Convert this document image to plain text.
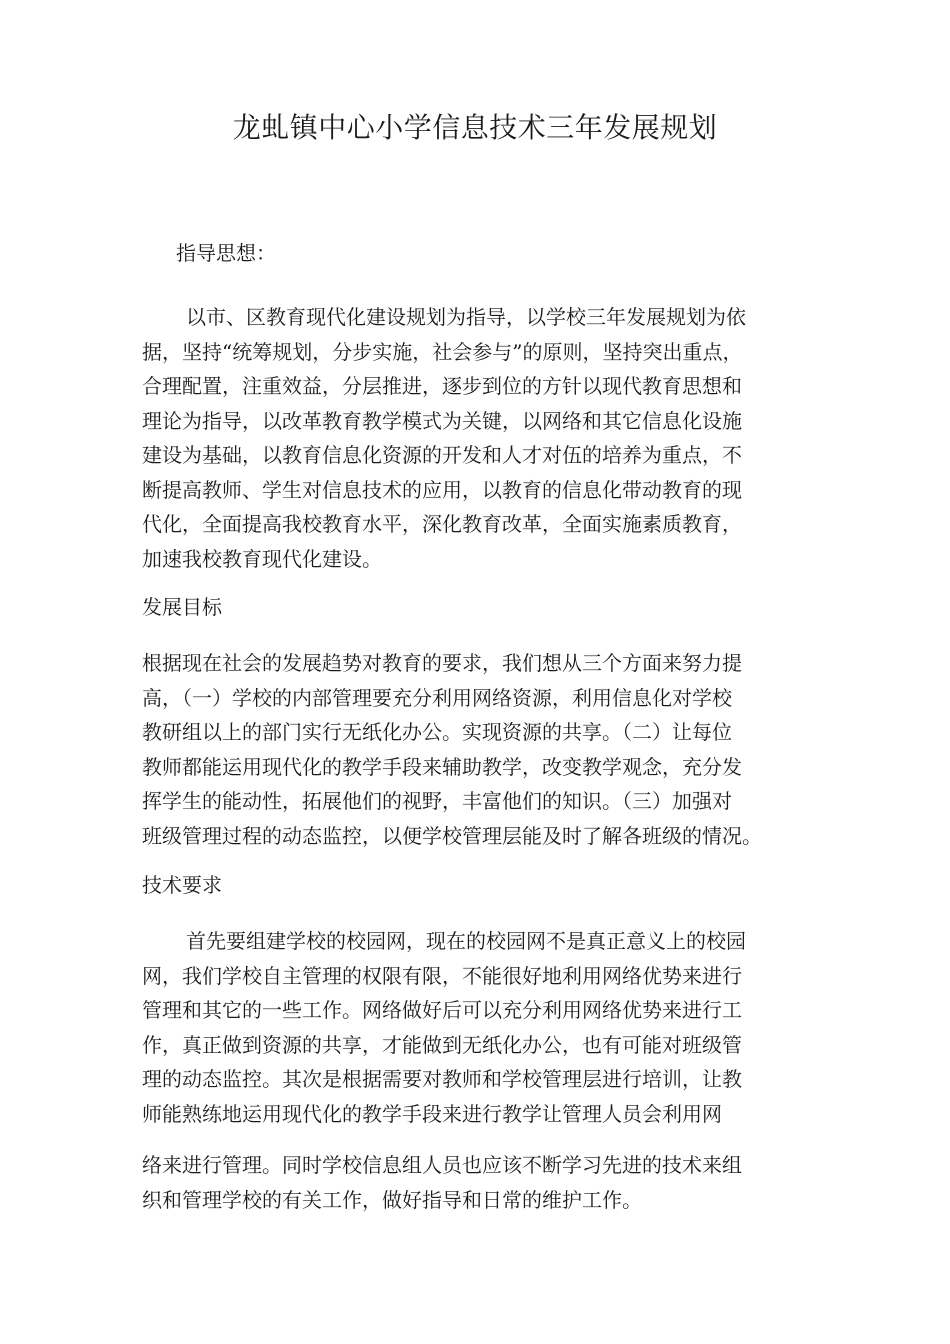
龙虬镇中心小学信息技术三年发展规划
指导思想：
以市、区教育现代化建设规划为指导，以学校三年发展规划为依
据，坚持“统筹规划，分步实施，社会参与”的原则，坚持突出重点，
合理配置，注重效益，分层推进，逐步到位的方针以现代教育思想和
理论为指导，以改革教育教学模式为关键，以网络和其它信息化设施
建设为基础，以教育信息化资源的开发和人才对伍的培养为重点，不
断提高教师、学生对信息技术的应用，以教育的信息化带动教育的现
代化，全面提高我校教育水平，深化教育改革，全面实施素质教育，
加速我校教育现代化建设。
发展目标
根据现在社会的发展趋势对教育的要求，我们想从三个方面来努力提
高，（一）学校的内部管理要充分利用网络资源，利用信息化对学校
教研组以上的部门实行无纸化办公。实现资源的共享。（二）让每位
教师都能运用现代化的教学手段来辅助教学，改变教学观念，充分发
挥学生的能动性，拓展他们的视野，丰富他们的知识。（三）加强对
班级管理过程的动态监控，以便学校管理层能及时了解各班级的情况。
技术要求
首先要组建学校的校园网，现在的校园网不是真正意义上的校园
网，我们学校自主管理的权限有限，不能很好地利用网络优势来进行
管理和其它的一些工作。网络做好后可以充分利用网络优势来进行工
作，真正做到资源的共享，才能做到无纸化办公，也有可能对班级管
理的动态监控。其次是根据需要对教师和学校管理层进行培训，让教
师能熟练地运用现代化的教学手段来进行教学让管理人员会利用网
络来进行管理。同时学校信息组人员也应该不断学习先进的技术来组
织和管理学校的有关工作，做好指导和日常的维护工作。
